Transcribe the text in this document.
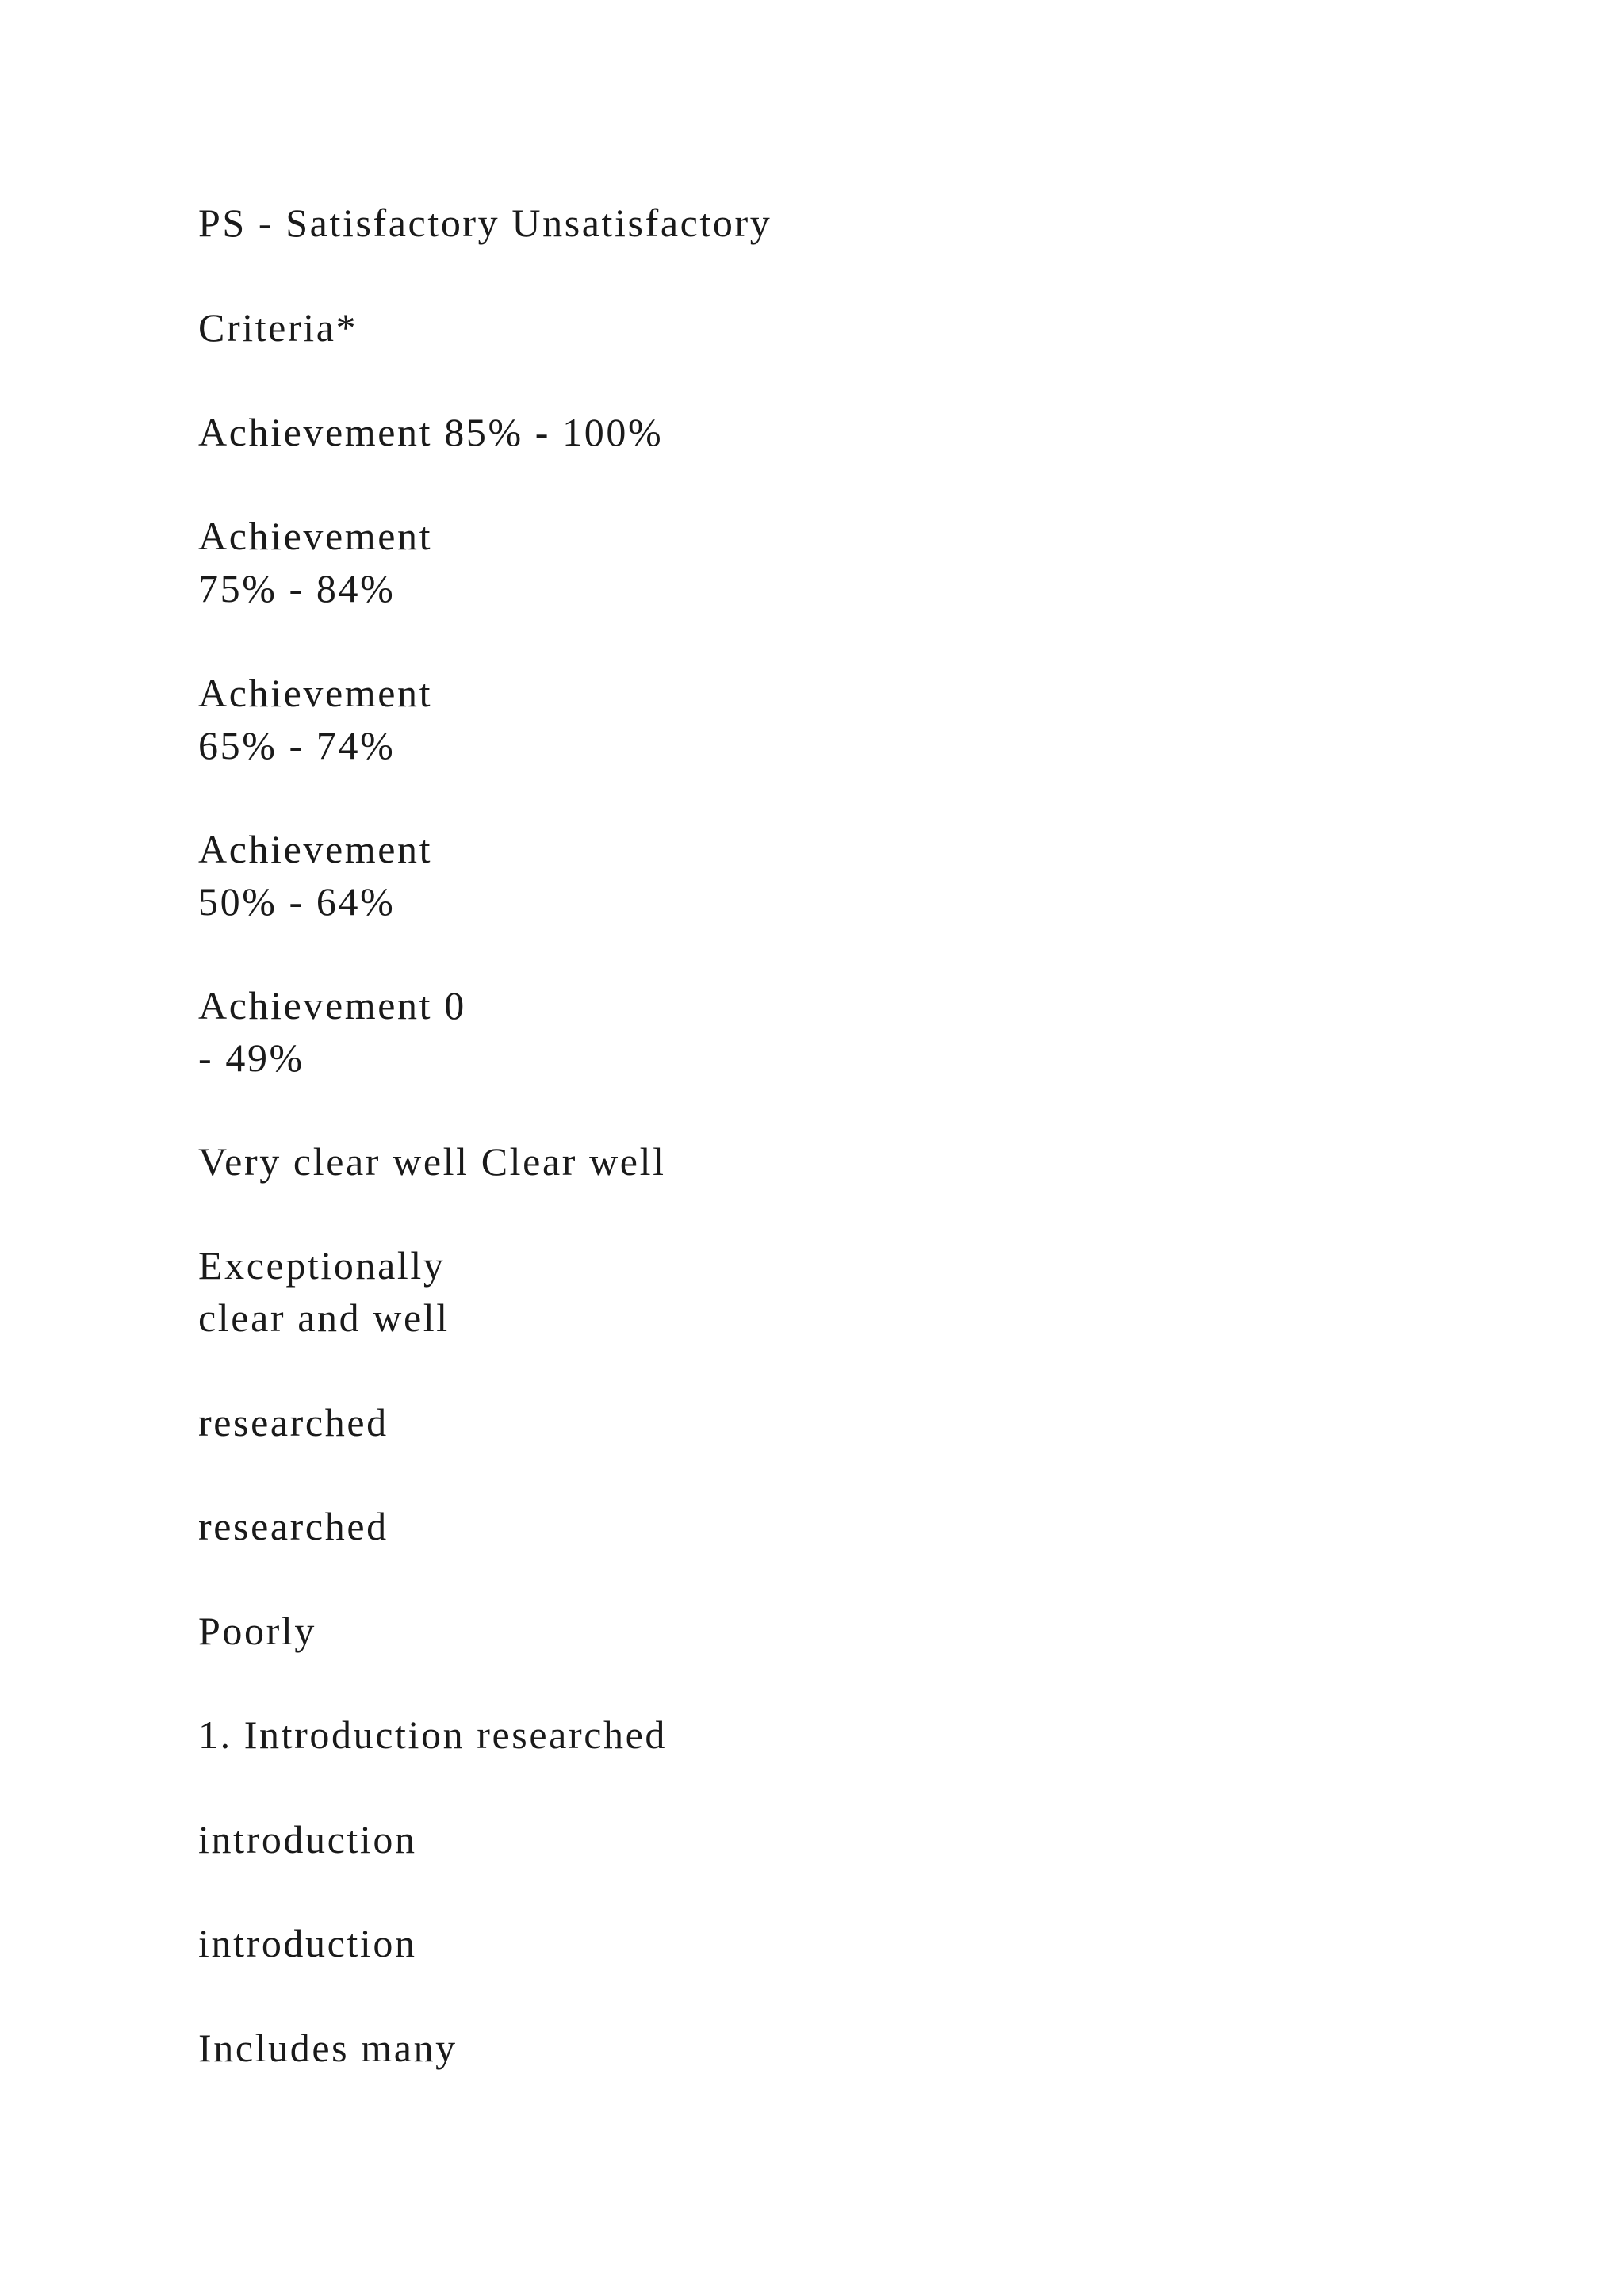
PS - Satisfactory Unsatisfactory

Criteria*

Achievement 85% - 100%

Achievement
75% - 84%

Achievement
65% - 74%

Achievement
50% - 64%

Achievement 0
- 49%

Very clear well Clear well

Exceptionally
clear and well

researched

researched

Poorly

1. Introduction researched

introduction

introduction

Includes many
